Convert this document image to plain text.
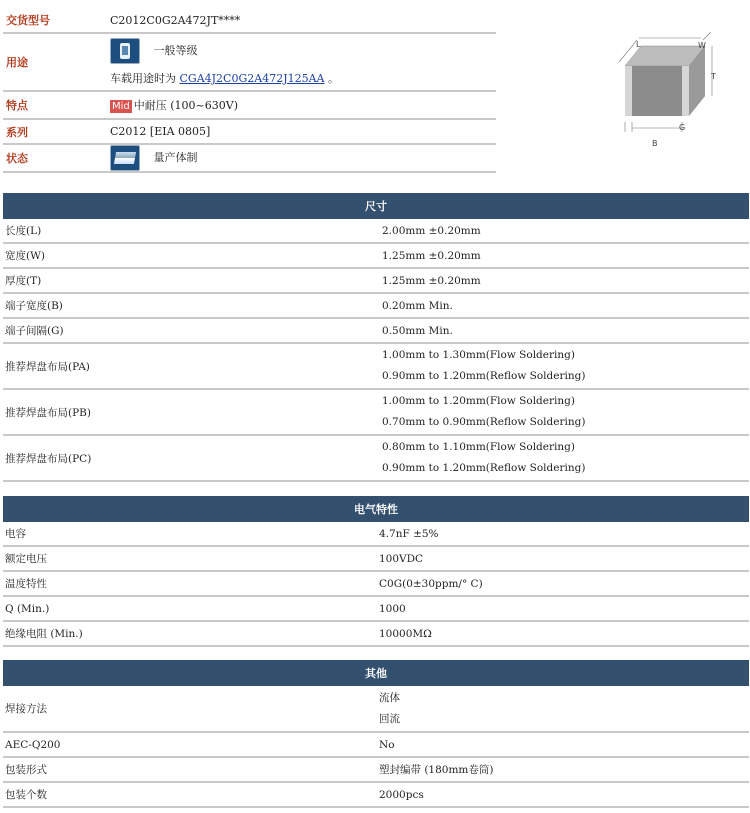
交货型号	C2012C0G2A472JT****
用途	一般等级
车载用途时为 CGA4J2C0G2A472J125AA 。

特点	Mid 中耐压 (100~630V)
系列	C2012 [EIA 0805]
状态	量产体制
L	W
T
B
G
尺寸	
长度(L)	2.00mm ±0.20mm
宽度(W)	1.25mm ±0.20mm
厚度(T)	1.25mm ±0.20mm
端子宽度(B)	0.20mm Min.
端子间隔(G)	0.50mm Min.
推荐焊盘布局(PA)	1.00mm to 1.30mm(Flow Soldering)
0.90mm to 1.20mm(Reflow Soldering)

推荐焊盘布局(PB)	1.00mm to 1.20mm(Flow Soldering)
0.70mm to 0.90mm(Reflow Soldering)

推荐焊盘布局(PC)	0.80mm to 1.10mm(Flow Soldering)
0.90mm to 1.20mm(Reflow Soldering)
电气特性	
电容	4.7nF ±5%
额定电压	100VDC
温度特性	C0G(0±30ppm/° C)
Q (Min.)	1000
绝缘电阻 (Min.)	10000MΩ
其他	
焊接方法	流体
回流

AEC-Q200	No
包装形式	塑封编带 (180mm卷筒)
包装个数	2000pcs
